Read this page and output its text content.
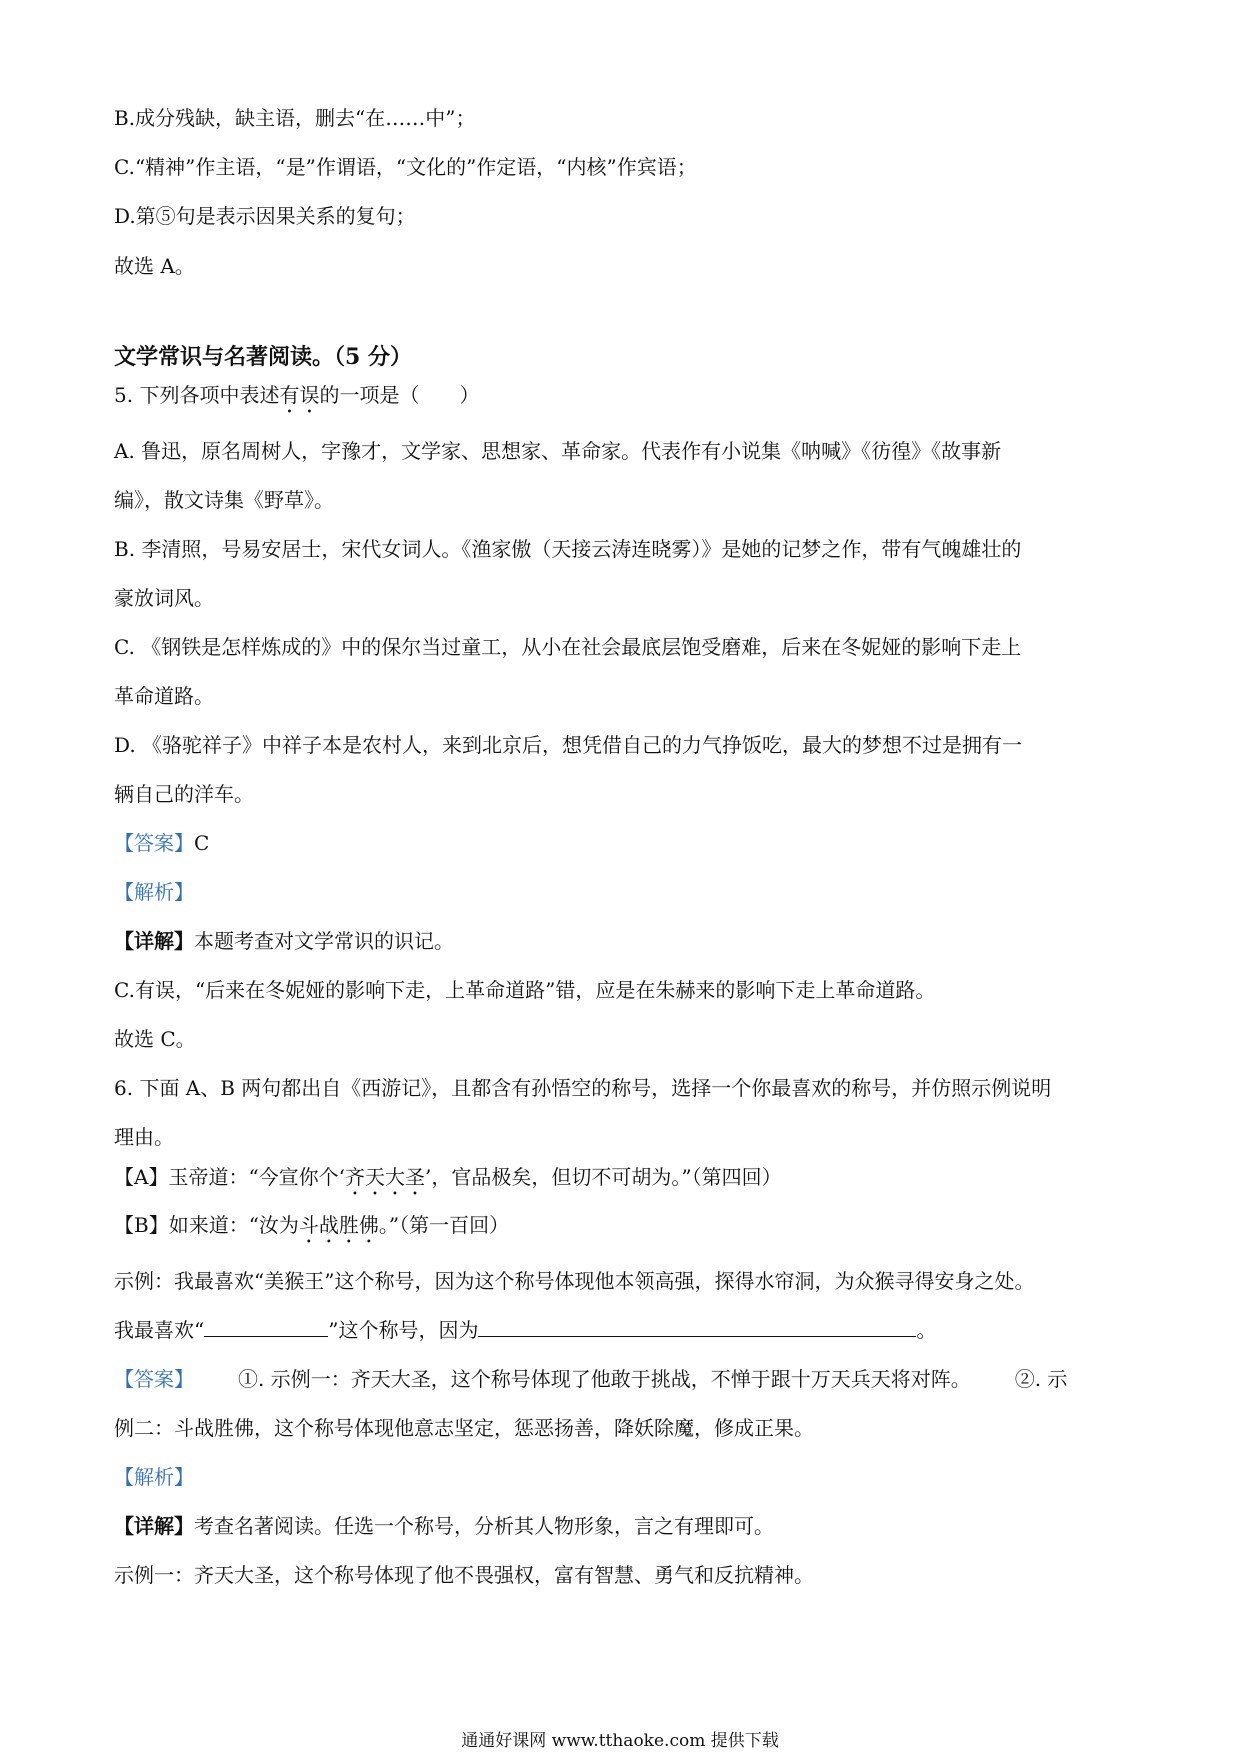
B.成分残缺，缺主语，删去“在……中”；
C.“精神”作主语，“是”作谓语，“文化的”作定语，“内核”作宾语；
D.第⑤句是表示因果关系的复句；
故选 A。
文学常识与名著阅读。（5 分）
5. 下列各项中表述有误的一项是（　　）
A. 鲁迅，原名周树人，字豫才，文学家、思想家、革命家。代表作有小说集《呐喊》《彷徨》《故事新
编》，散文诗集《野草》。
B. 李清照，号易安居士，宋代女词人。《渔家傲（天接云涛连晓雾）》是她的记梦之作，带有气魄雄壮的
豪放词风。
C. 《钢铁是怎样炼成的》中的保尔当过童工，从小在社会最底层饱受磨难，后来在冬妮娅的影响下走上
革命道路。
D. 《骆驼祥子》中祥子本是农村人，来到北京后，想凭借自己的力气挣饭吃，最大的梦想不过是拥有一
辆自己的洋车。
【答案】C
【解析】
【详解】本题考查对文学常识的识记。
C.有误，“后来在冬妮娅的影响下走，上革命道路”错，应是在朱赫来的影响下走上革命道路。
故选 C。
6. 下面 A、B 两句都出自《西游记》，且都含有孙悟空的称号，选择一个你最喜欢的称号，并仿照示例说明
理由。
【A】玉帝道：“今宣你个‘齐天大圣’，官品极矣，但切不可胡为。”（第四回）
【B】如来道：“汝为斗战胜佛。”（第一百回）
示例：我最喜欢“美猴王”这个称号，因为这个称号体现他本领高强，探得水帘洞，为众猴寻得安身之处。
我最喜欢“	”这个称号，因为	。
【答案】 ①. 示例一：齐天大圣，这个称号体现了他敢于挑战，不惮于跟十万天兵天将对阵。 ②. 示
例二：斗战胜佛，这个称号体现他意志坚定，惩恶扬善，降妖除魔，修成正果。
【解析】
【详解】考查名著阅读。任选一个称号，分析其人物形象，言之有理即可。
示例一：齐天大圣，这个称号体现了他不畏强权，富有智慧、勇气和反抗精神。
通通好课网 www.tthaoke.com 提供下载
